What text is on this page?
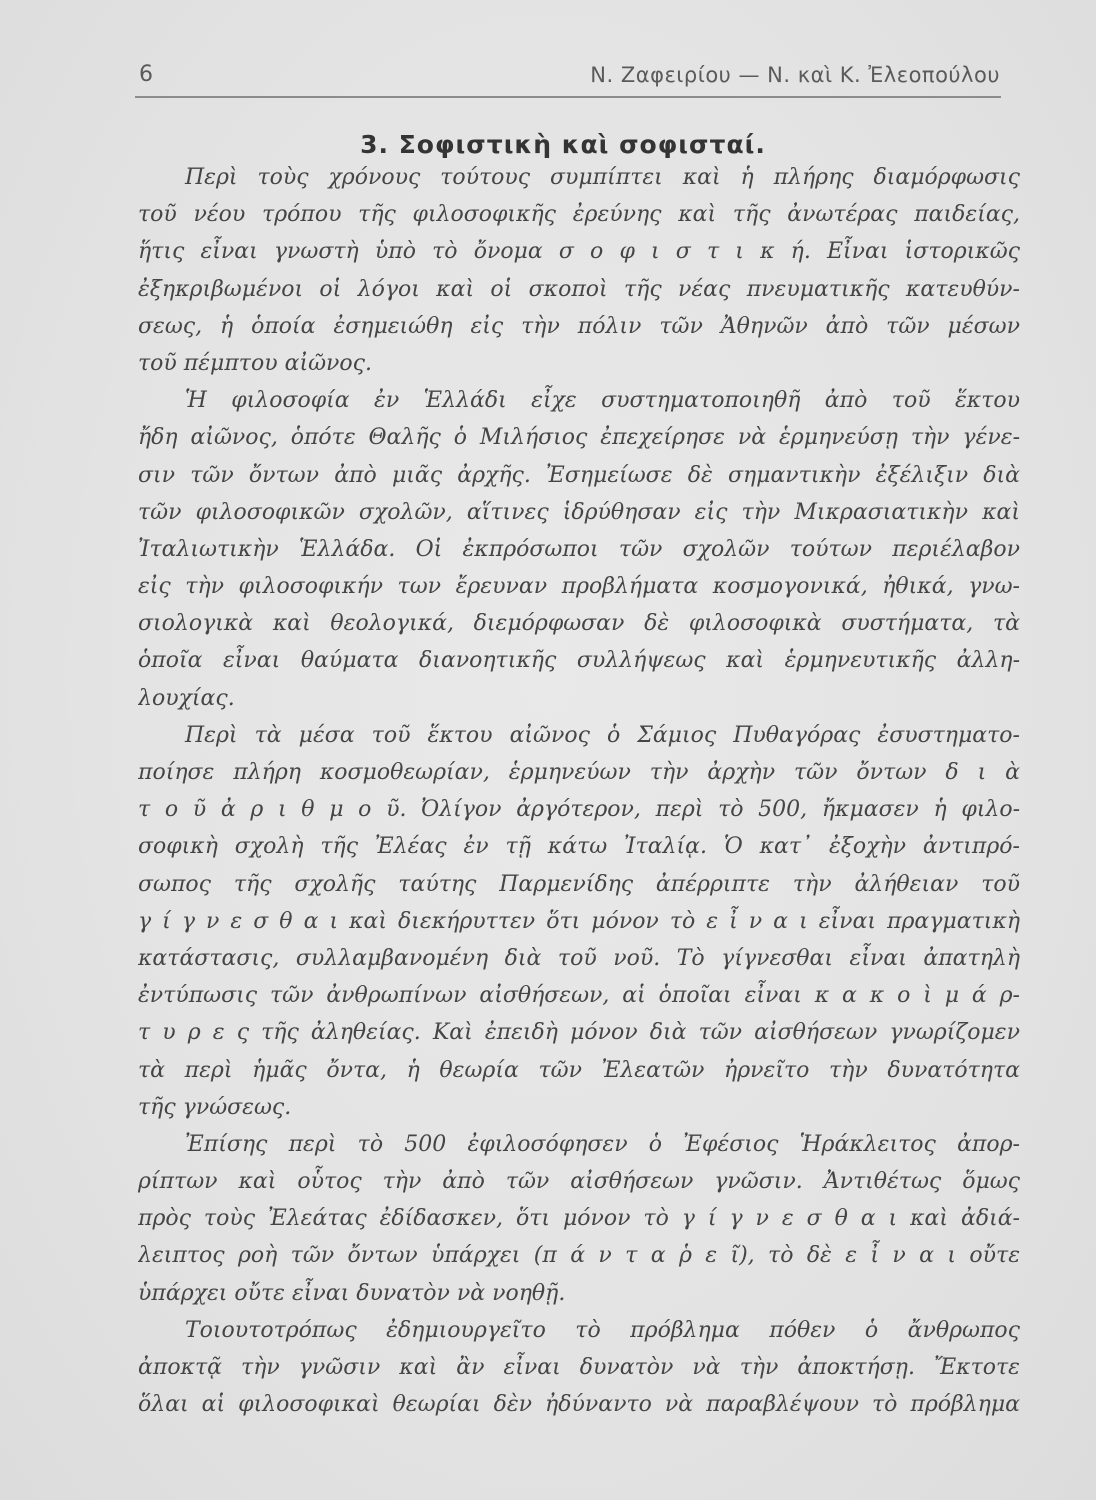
6	Ν. Ζαφειρίου — Ν. καὶ Κ. Ἐλεοπούλου
3. Σοφιστικὴ καὶ σοφισταί.
Περὶ τοὺς χρόνους τούτους συμπίπτει καὶ ἡ πλήρης διαμόρφωσις
τοῦ νέου τρόπου τῆς φιλοσοφικῆς ἐρεύνης καὶ τῆς ἀνωτέρας παιδείας,
ἥτις εἶναι γνωστὴ ὑπὸ τὸ ὄνομα σ ο φ ι σ τ ι κ ή. Εἶναι ἱστορικῶς
ἐξηκριβωμένοι οἱ λόγοι καὶ οἱ σκοποὶ τῆς νέας πνευματικῆς κατευθύν-
σεως, ἡ ὁποία ἐσημειώθη εἰς τὴν πόλιν τῶν Ἀθηνῶν ἀπὸ τῶν μέσων
τοῦ πέμπτου αἰῶνος.
Ἡ φιλοσοφία ἐν Ἑλλάδι εἶχε συστηματοποιηθῆ ἀπὸ τοῦ ἕκτου
ἤδη αἰῶνος, ὁπότε Θαλῆς ὁ Μιλήσιος ἐπεχείρησε νὰ ἑρμηνεύσῃ τὴν γένε-
σιν τῶν ὄντων ἀπὸ μιᾶς ἀρχῆς. Ἐσημείωσε δὲ σημαντικὴν ἐξέλιξιν διὰ
τῶν φιλοσοφικῶν σχολῶν, αἵτινες ἱδρύθησαν εἰς τὴν Μικρασιατικὴν καὶ
Ἰταλιωτικὴν Ἑλλάδα. Οἱ ἐκπρόσωποι τῶν σχολῶν τούτων περιέλαβον
εἰς τὴν φιλοσοφικήν των ἔρευναν προβλήματα κοσμογονικά, ἠθικά, γνω-
σιολογικὰ καὶ θεολογικά, διεμόρφωσαν δὲ φιλοσοφικὰ συστήματα, τὰ
ὁποῖα εἶναι θαύματα διανοητικῆς συλλήψεως καὶ ἑρμηνευτικῆς ἀλλη-
λουχίας.
Περὶ τὰ μέσα τοῦ ἕκτου αἰῶνος ὁ Σάμιος Πυθαγόρας ἐσυστηματο-
ποίησε πλήρη κοσμοθεωρίαν, ἑρμηνεύων τὴν ἀρχὴν τῶν ὄντων δ ι ὰ
τ ο ῦ ἀ ρ ι θ μ ο ῦ. Ὀλίγον ἀργότερον, περὶ τὸ 500, ἤκμασεν ἡ φιλο-
σοφικὴ σχολὴ τῆς Ἐλέας ἐν τῇ κάτω Ἰταλίᾳ. Ὁ κατ᾽ ἐξοχὴν ἀντιπρό-
σωπος τῆς σχολῆς ταύτης Παρμενίδης ἀπέρριπτε τὴν ἀλήθειαν τοῦ
γ ί γ ν ε σ θ α ι καὶ διεκήρυττεν ὅτι μόνον τὸ ε ἶ ν α ι εἶναι πραγματικὴ
κατάστασις, συλλαμβανομένη διὰ τοῦ νοῦ. Τὸ γίγνεσθαι εἶναι ἀπατηλὴ
ἐντύπωσις τῶν ἀνθρωπίνων αἰσθήσεων, αἱ ὁποῖαι εἶναι κ α κ ο ὶ μ ά ρ-
τ υ ρ ε ς τῆς ἀληθείας. Καὶ ἐπειδὴ μόνον διὰ τῶν αἰσθήσεων γνωρίζομεν
τὰ περὶ ἡμᾶς ὄντα, ἡ θεωρία τῶν Ἐλεατῶν ἠρνεῖτο τὴν δυνατότητα
τῆς γνώσεως.
Ἐπίσης περὶ τὸ 500 ἐφιλοσόφησεν ὁ Ἐφέσιος Ἡράκλειτος ἀπορ-
ρίπτων καὶ οὗτος τὴν ἀπὸ τῶν αἰσθήσεων γνῶσιν. Ἀντιθέτως ὅμως
πρὸς τοὺς Ἐλεάτας ἐδίδασκεν, ὅτι μόνον τὸ γ ί γ ν ε σ θ α ι καὶ ἀδιά-
λειπτος ροὴ τῶν ὄντων ὑπάρχει (π ά ν τ α ῥ ε ῖ), τὸ δὲ ε ἶ ν α ι οὔτε
ὑπάρχει οὔτε εἶναι δυνατὸν νὰ νοηθῇ.
Τοιουτοτρόπως ἐδημιουργεῖτο τὸ πρόβλημα πόθεν ὁ ἄνθρωπος
ἀποκτᾷ τὴν γνῶσιν καὶ ἂν εἶναι δυνατὸν νὰ τὴν ἀποκτήσῃ. Ἔκτοτε
ὅλαι αἱ φιλοσοφικαὶ θεωρίαι δὲν ἠδύναντο νὰ παραβλέψουν τὸ πρόβλημα
